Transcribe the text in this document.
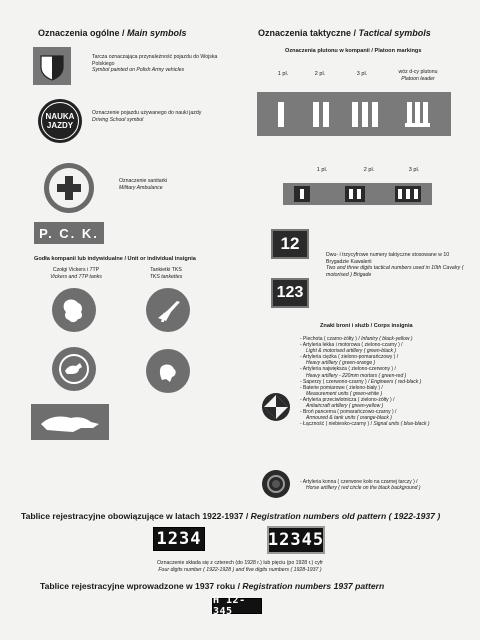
Oznaczenia ogólne / Main symbols
Tarcza oznaczająca przynależność pojazdu do Wojska Polskiego
Symbol painted on Polish Army vehicles
NAUKA
JAZDY
Oznaczenie pojazdu używanego do nauki jazdy
Driving School symbol
Oznaczenie sanitarki
Military Ambulance
P. C. K.
Godła kompanii lub indywidualne / Unit or individual insignia
Czołgi Vickers i 7TP
Vickers and 7TP tanks
Tankietki TKS
TKS tankettes
Oznaczenia taktyczne / Tactical symbols
Oznaczenia plutonu w kompanii / Platoon markings
1 pl.	2 pl.	3 pl.	wóz d-cy plutonu
Platoon leader
1 pl.	2 pl.	3 pl.
12
123
Dwu- i trzycyfrowe numery taktyczne stosowane w 10 Brygadzie Kawalerii
Two and three digits tactical numbers used in 10th Cavalry ( motorised ) Brigade
Znaki broni i służb / Corps insignia
- Piechota ( czarno-żółty ) / Infantry ( black-yellow )
- Artyleria lekka i motorowa ( zielono-czarny ) /
Light & motorised artillery ( green-black )
- Artyleria ciężka ( zielono-pomarańczowy ) /
Heavy artillery ( green-orange )
- Artyleria największa ( zielono-czerwony ) /
Heavy artillery - 220mm mortars ( green-red )
- Saperzy ( czerwono-czarny ) / Engineers ( red-black )
- Baterie pomiarowe ( zielono-biały ) /
Measurement units ( green-white )
- Artyleria przeciwlotnicza ( zielono-żółty ) /
Antiaircraft artillery ( green-yellow )
- Broń pancerna ( pomarańczowo-czarny ) /
Armoured & tank units ( orange-black )
- Łączność ( niebiesko-czarny ) / Signal units ( blue-black )
- Artyleria konna ( czerwone koło na czarnej tarczy ) /
Horse artillery ( red circle on the black background )
Tablice rejestracyjne obowiązujące w latach 1922-1937 / Registration numbers old pattern ( 1922-1937 )
1234	12345
Oznaczenie składa się z czterech (do 1928 r.) lub pięciu (po 1928 r.) cyfr
Four digits number ( 1922-1928 ) and five digits numbers ( 1928-1937 )
Tablice rejestracyjne wprowadzone w 1937 roku / Registration numbers 1937 pattern
H 12-345
